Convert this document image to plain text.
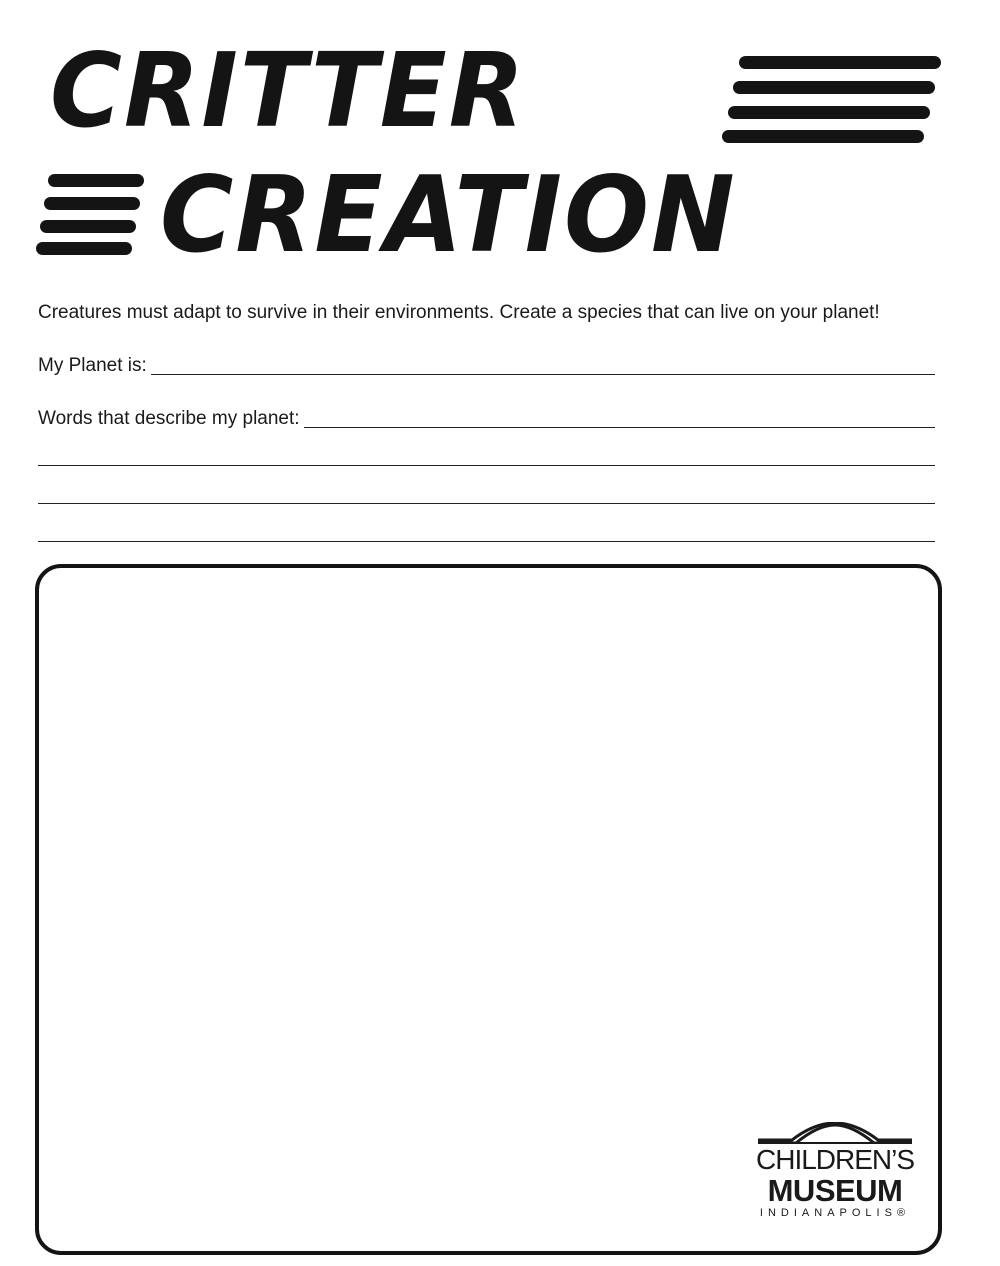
CRITTER
CREATION

Creatures must adapt to survive in their environments. Create a species that can live on your planet!

My Planet is:
Words that describe my planet:
CHILDREN’S
MUSEUM
INDIANAPOLIS®
